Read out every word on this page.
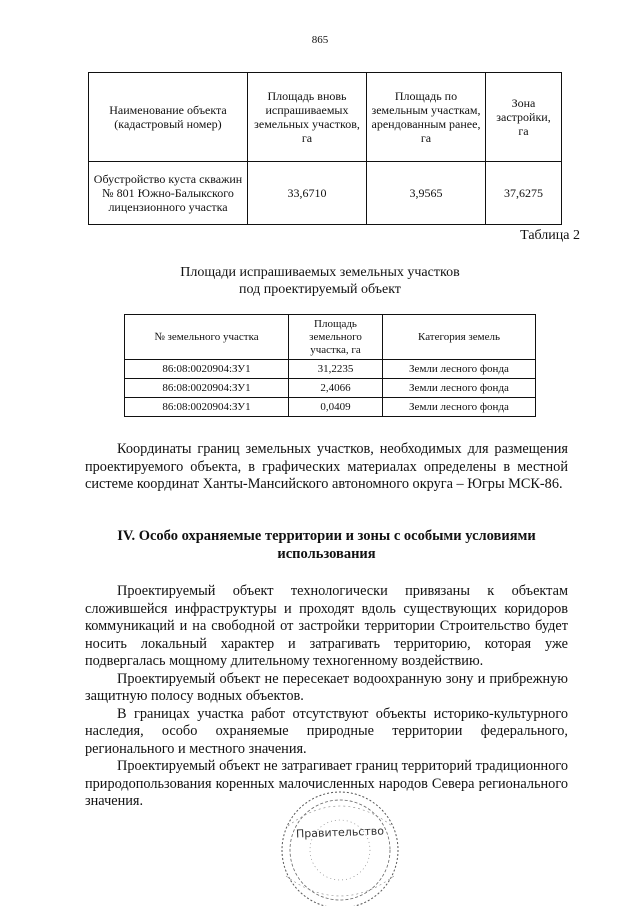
865
Наименование объекта (кадастровый номер)	Площадь вновь испрашиваемых земельных участков, га	Площадь по земельным участкам, арендованным ранее, га	Зона застройки, га
Обустройство куста скважин № 801 Южно-Балыкского лицензионного участка	33,6710	3,9565	37,6275
Таблица 2
Площади испрашиваемых земельных участков
под проектируемый объект
№ земельного участка	Площадь земельного участка, га	Категория земель
86:08:0020904:ЗУ1	31,2235	Земли лесного фонда
86:08:0020904:ЗУ1	2,4066	Земли лесного фонда
86:08:0020904:ЗУ1	0,0409	Земли лесного фонда

Координаты границ земельных участков, необходимых для размещения проектируемого объекта, в графических материалах определены в местной системе координат Ханты-Мансийского автономного округа – Югры МСК-86.

IV. Особо охраняемые территории и зоны с особыми условиями использования

Проектируемый объект технологически привязаны к объектам сложившейся инфраструктуры и проходят вдоль существующих коридоров коммуникаций и на свободной от застройки территории Строительство будет носить локальный характер и затрагивать территорию, которая уже подвергалась мощному длительному техногенному воздействию.

Проектируемый объект не пересекает водоохранную зону и прибрежную защитную полосу водных объектов.

В границах участка работ отсутствуют объекты историко-культурного наследия, особо охраняемые природные территории федерального, регионального и местного значения.

Проектируемый объект не затрагивает границ территорий традиционного природопользования коренных малочисленных народов Севера регионального значения.

Правительство
